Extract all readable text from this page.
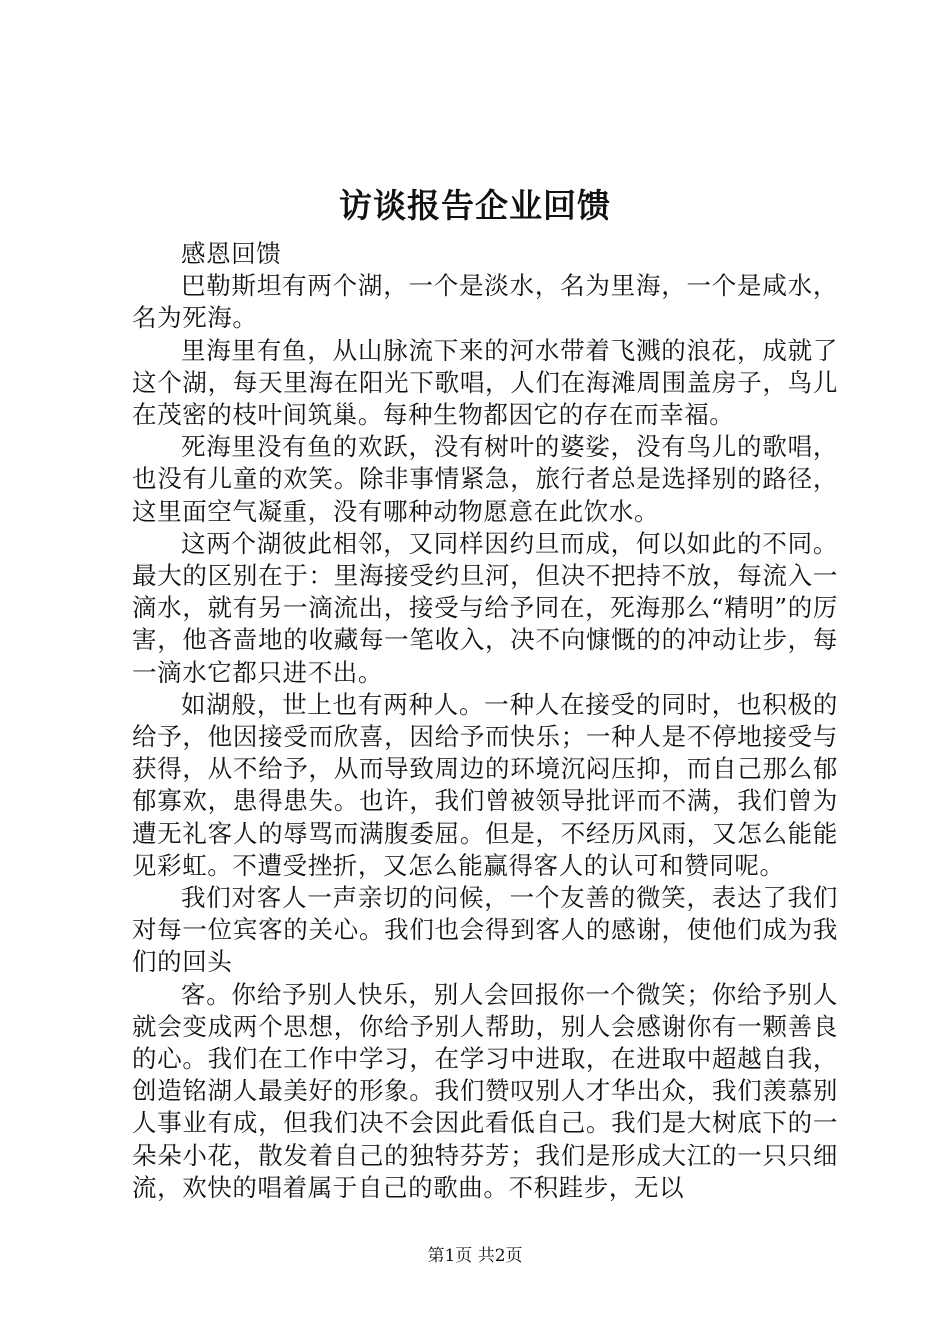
访谈报告企业回馈

感恩回馈

巴勒斯坦有两个湖，一个是淡水，名为里海，一个是咸水，名为死海。

里海里有鱼，从山脉流下来的河水带着飞溅的浪花，成就了这个湖，每天里海在阳光下歌唱，人们在海滩周围盖房子，鸟儿在茂密的枝叶间筑巢。每种生物都因它的存在而幸福。

死海里没有鱼的欢跃，没有树叶的婆娑，没有鸟儿的歌唱，也没有儿童的欢笑。除非事情紧急，旅行者总是选择别的路径，这里面空气凝重，没有哪种动物愿意在此饮水。

这两个湖彼此相邻，又同样因约旦而成，何以如此的不同。最大的区别在于：里海接受约旦河，但决不把持不放，每流入一滴水，就有另一滴流出，接受与给予同在，死海那么“精明”的厉害，他吝啬地的收藏每一笔收入，决不向慷慨的的冲动让步，每一滴水它都只进不出。

如湖般，世上也有两种人。一种人在接受的同时，也积极的给予，他因接受而欣喜，因给予而快乐；一种人是不停地接受与获得，从不给予，从而导致周边的环境沉闷压抑，而自己那么郁郁寡欢，患得患失。也许，我们曾被领导批评而不满，我们曾为遭无礼客人的辱骂而满腹委屈。但是，不经历风雨，又怎么能能见彩虹。不遭受挫折，又怎么能赢得客人的认可和赞同呢。

我们对客人一声亲切的问候，一个友善的微笑，表达了我们对每一位宾客的关心。我们也会得到客人的感谢，使他们成为我们的回头

客。你给予别人快乐，别人会回报你一个微笑；你给予别人就会变成两个思想，你给予别人帮助，别人会感谢你有一颗善良的心。我们在工作中学习，在学习中进取，在进取中超越自我，创造铭湖人最美好的形象。我们赞叹别人才华出众，我们羡慕别人事业有成，但我们决不会因此看低自己。我们是大树底下的一朵朵小花，散发着自己的独特芬芳；我们是形成大江的一只只细流，欢快的唱着属于自己的歌曲。不积跬步，无以

第1页 共2页
